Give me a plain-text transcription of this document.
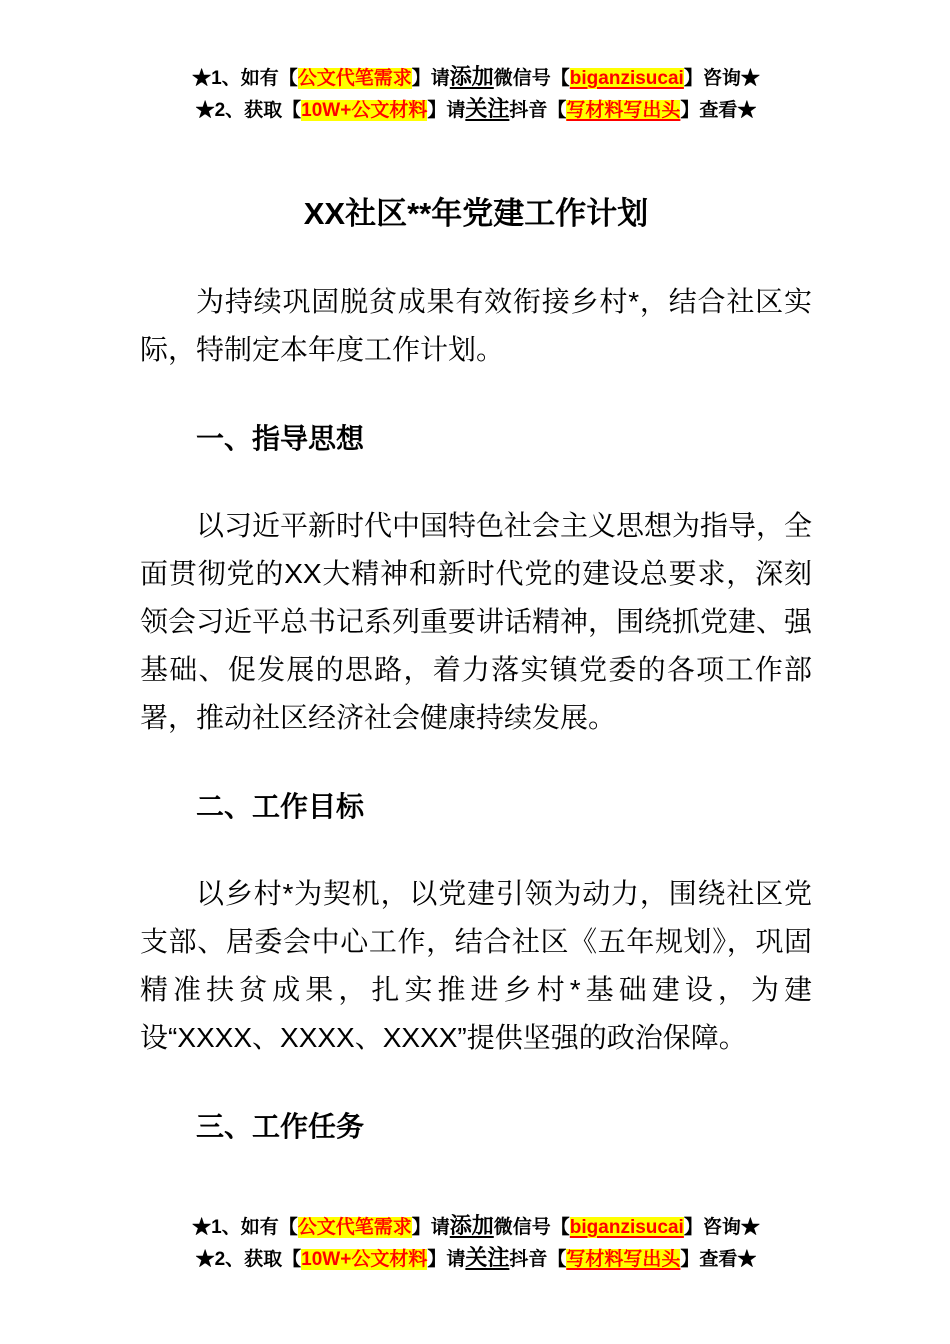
★1、如有【公文代笔需求】请添加微信号【biganzisucai】咨询★
★2、获取【10W+公文材料】请关注抖音【写材料写出头】查看★
XX社区**年党建工作计划
为持续巩固脱贫成果有效衔接乡村*，结合社区实际，特制定本年度工作计划。
一、指导思想
以习近平新时代中国特色社会主义思想为指导，全面贯彻党的XX大精神和新时代党的建设总要求，深刻领会习近平总书记系列重要讲话精神，围绕抓党建、强基础、促发展的思路，着力落实镇党委的各项工作部署，推动社区经济社会健康持续发展。
二、工作目标
以乡村*为契机，以党建引领为动力，围绕社区党支部、居委会中心工作，结合社区《五年规划》，巩固精准扶贫成果，扎实推进乡村*基础建设，为建设“XXXX、XXXX、XXXX”提供坚强的政治保障。
三、工作任务
★1、如有【公文代笔需求】请添加微信号【biganzisucai】咨询★
★2、获取【10W+公文材料】请关注抖音【写材料写出头】查看★
